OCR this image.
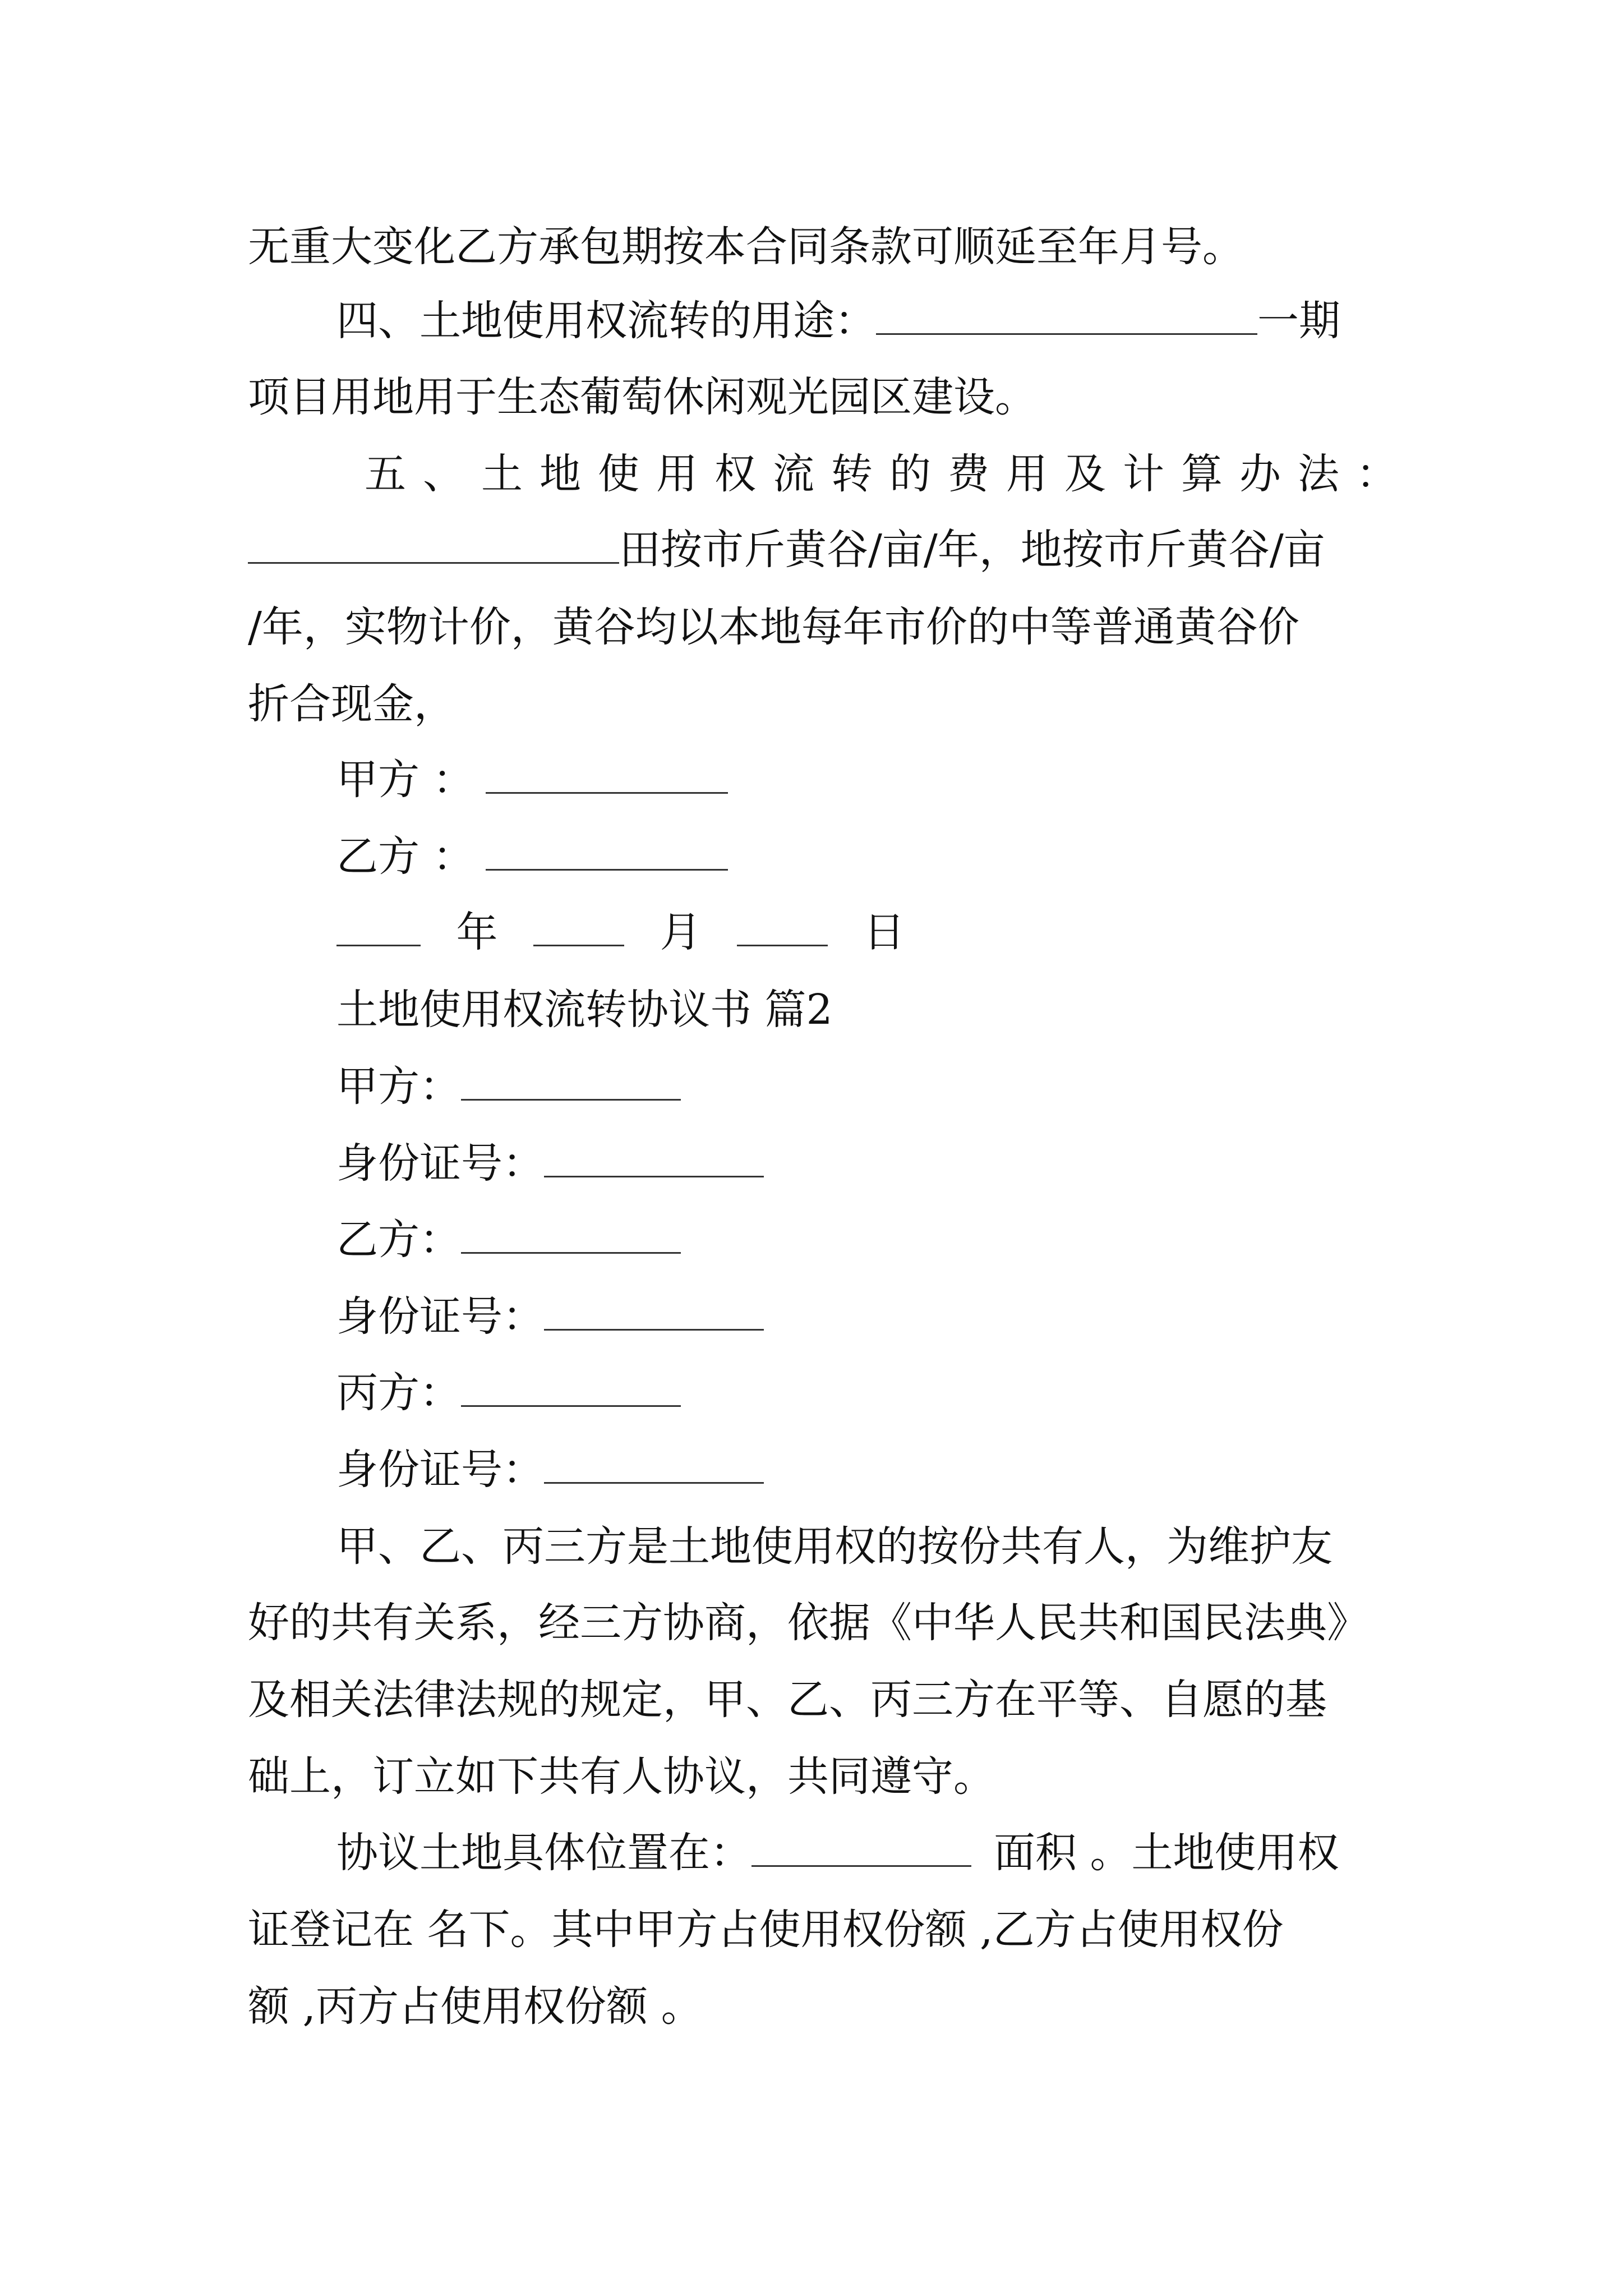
无重大变化乙方承包期按本合同条款可顺延至年月号。
四、土地使用权流转的用途：	一期
项目用地用于生态葡萄休闲观光园区建设。
五、土地使用权流转的费用及计算办法：
田按市斤黄谷/亩/年，地按市斤黄谷/亩
/年，实物计价，黄谷均以本地每年市价的中等普通黄谷价
折合现金，
甲方 ：
乙方 ：
年	月	日
土地使用权流转协议书 篇2
甲方：
身份证号：
乙方：
身份证号：
丙方：
身份证号：
甲、乙、丙三方是土地使用权的按份共有人，为维护友
好的共有关系，经三方协商，依据《中华人民共和国民法典》
及相关法律法规的规定，甲、乙、丙三方在平等、自愿的基
础上，订立如下共有人协议，共同遵守。
协议土地具体位置在：	面积 。土地使用权
证登记在 名下。其中甲方占使用权份额 ,乙方占使用权份
额 ,丙方占使用权份额 。
